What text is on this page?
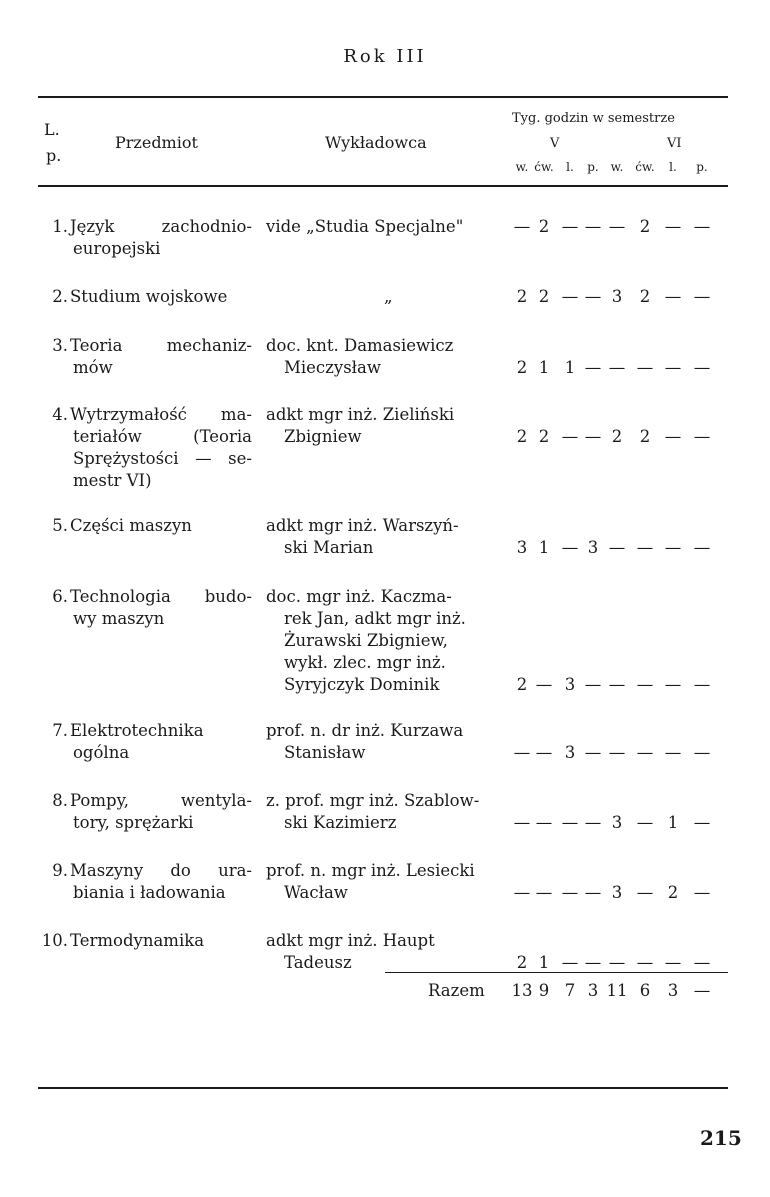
Rok III
L.
p.
Przedmiot	Wykładowca
Tyg. godzin w semestrze
V	VI
w. ćw.	l.	p. w. ćw.	l.	p.
1. Język zachodnio-
europejski
vide „Studia Specjalne"	— 2 — — — 2 — —
2. Studium wojskowe	„	2 2 — — 3	2 — —
3. Teoria mechaniz-
mów
doc. knt. Damasiewicz
Mieczysław	2 1 1 — — — — —
4. Wytrzymałość ma-
teriałów (Teoria
Sprężystości — se-
mestr VI)
adkt mgr inż. Zieliński
Zbigniew	2 2 — — 2	2 — —
5. Części maszyn	adkt mgr inż. Warszyń-
ski Marian	3 1 — 3 — — — —
6. Technologia budo-
wy maszyn
doc. mgr inż. Kaczma-
rek Jan, adkt mgr inż.
Żurawski Zbigniew,
wykł. zlec. mgr inż.
Syryjczyk Dominik	2 — 3 — — — — —
7. Elektrotechnika
ogólna
prof. n. dr inż. Kurzawa
Stanisław	— — 3 — — — — —
8. Pompy, wentyla-
tory, sprężarki
z. prof. mgr inż. Szablow-
ski Kazimierz	— — — — 3 — 1 —
9. Maszyny do ura-
biania i ładowania
prof. n. mgr inż. Lesiecki
Wacław	— — — — 3 — 2 —
10. Termodynamika	adkt mgr inż. Haupt
Tadeusz	2 1 — — — — — —
Razem 13 9 7 3 11 6	3 —
215
